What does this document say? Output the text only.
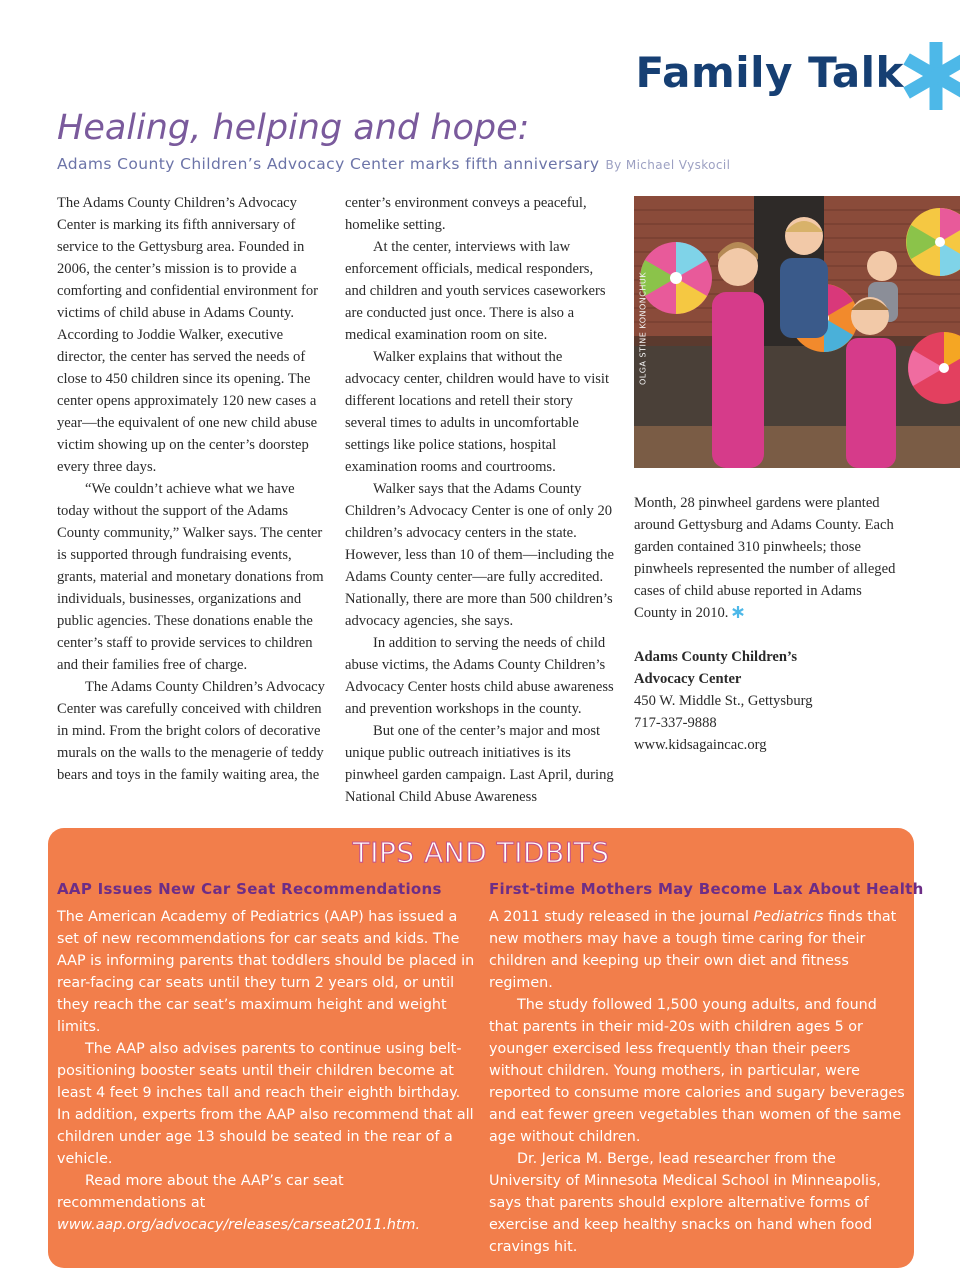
Family Talk
Healing, helping and hope:
Adams County Children’s Advocacy Center marks fifth anniversary By Michael Vyskocil

The Adams County Children’s Advocacy Center is marking its fifth anniversary of service to the Gettysburg area. Founded in 2006, the center’s mission is to provide a comforting and confidential environment for victims of child abuse in Adams County. According to Joddie Walker, executive director, the center has served the needs of close to 450 children since its opening. The center opens approximately 120 new cases a year—the equivalent of one new child abuse victim showing up on the center’s doorstep every three days.

“We couldn’t achieve what we have today without the support of the Adams County community,” Walker says. The center is supported through fundraising events, grants, material and monetary donations from individuals, businesses, organizations and public agencies. These donations enable the center’s staff to provide services to children and their families free of charge.

The Adams County Children’s Advocacy Center was carefully conceived with children in mind. From the bright colors of decorative murals on the walls to the menagerie of teddy bears and toys in the family waiting area, the

center’s environment conveys a peaceful, homelike setting.

At the center, interviews with law enforcement officials, medical responders, and children and youth services caseworkers are conducted just once. There is also a medical examination room on site.

Walker explains that without the advocacy center, children would have to visit different locations and retell their story several times to adults in uncomfortable settings like police stations, hospital examination rooms and courtrooms.

Walker says that the Adams County Children’s Advocacy Center is one of only 20 children’s advocacy centers in the state. However, less than 10 of them—including the Adams County center—are fully accredited. Nationally, there are more than 500 children’s advocacy agencies, she says.

In addition to serving the needs of child abuse victims, the Adams County Children’s Advocacy Center hosts child abuse awareness and prevention workshops in the county.

But one of the center’s major and most unique public outreach initiatives is its pinwheel garden campaign. Last April, during National Child Abuse Awareness

OLGA STINE KONONCHUK

Month, 28 pinwheel gardens were planted around Gettysburg and Adams County. Each garden contained 310 pinwheels; those pinwheels represented the number of alleged cases of child abuse reported in Adams County in 2010.

Adams County Children’s
Advocacy Center
450 W. Middle St., Gettysburg
717-337-9888
www.kidsagaincac.org
TIPS AND TIDBITS
AAP Issues New Car Seat Recommendations

The American Academy of Pediatrics (AAP) has issued a set of new recommendations for car seats and kids. The AAP is informing parents that toddlers should be placed in rear-facing car seats until they turn 2 years old, or until they reach the car seat’s maximum height and weight limits.

The AAP also advises parents to continue using belt-positioning booster seats until their children become at least 4 feet 9 inches tall and reach their eighth birthday. In addition, experts from the AAP also recommend that all children under age 13 should be seated in the rear of a vehicle.

Read more about the AAP’s car seat recommendations at

www.aap.org/advocacy/releases/carseat2011.htm.

First-time Mothers May Become Lax About Health

A 2011 study released in the journal Pediatrics finds that new mothers may have a tough time caring for their children and keeping up their own diet and fitness regimen.

The study followed 1,500 young adults, and found that parents in their mid-20s with children ages 5 or younger exercised less frequently than their peers without children. Young mothers, in particular, were reported to consume more calories and sugary beverages and eat fewer green vegetables than women of the same age without children.

Dr. Jerica M. Berge, lead researcher from the University of Minnesota Medical School in Minneapolis, says that parents should explore alternative forms of exercise and keep healthy snacks on hand when food cravings hit.
